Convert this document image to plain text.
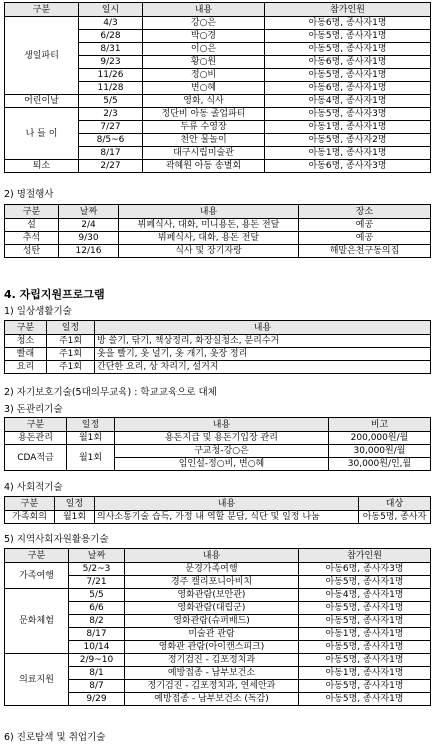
구분	일시	내용	참가인원
생일파티	4/3	강○은	아동6명, 종사자1명
	6/28	박○경	아동5명, 종사자1명
	8/31	이○은	아동5명, 종사자1명
	9/23	황○원	아동6명, 종사자1명
	11/26	정○비	아동5명, 종사자1명
	11/28	변○혜	아동6명, 종사자1명
어린이날	5/5	영화, 식사	아동4명, 종사자1명
나 들 이	2/3	정단비 아동 졸업파티	아동5명, 종사자3명
	7/27	두류 수영장	아동1명, 종사자1명
	8/5~6	천안 물놀이	아동5명, 종사자2명
	8/17	대구시립미술관	아동1명, 종사자1명
퇴소	2/27	곽혜원 아동 송별회	아동6명, 종사자3명
2) 명절행사
구분	날짜	내용	장소
설	2/4	뷔페식사, 대화, 미니용돈, 용돈 전달	예공
추석	9/30	뷔페식사, 대화, 용돈 전달	예공
성탄	12/16	식사 및 장기자랑	해말은천구동의집
4. 자립지원프로그램
1) 일상생활기술
구분	일정	내용
청소	주1회	방 쓸기, 닦기, 책상정리, 화장실청소, 분리수거
빨래	주1회	옷을 빨기, 옷 널기, 옷 개기, 옷장 정리
요리	주1회	간단한 요리, 상 차리기, 설거지
2) 자기보호기술(5대의무교육) : 학교교육으로 대체
3) 돈관리기술
구분	일정	내용	비고
용돈관리	월1회	용돈지급 및 용돈기입장 관리	200,000원/월
CDA적금	월1회	구교청-강○은	30,000원/월
		임인설-정○비, 변○혜	30,000원/인,월
4) 사회적기술
구분	일정	내용	대상
가족회의	월1회	의사소통기술 습득, 가정 내 역할 분담, 식단 및 일정 나눔	아동5명, 종사자
5) 지역사회자원활용기술
구분	날짜	내용	참가인원
가족여행	5/2~3	문경가족여행	아동6명, 종사자3명
	7/21	경주 캘리포니아비치	아동5명, 종사자1명
문화체험	5/5	영화관람(보안관)	아동4명, 종사자1명
	6/6	영화관람(대립군)	아동5명, 종사자1명
	8/2	영화관람(슈퍼배드)	아동5명, 종사자1명
	8/17	미술관 관람	아동1명, 종사자1명
	10/14	영화관 관람(아이캔스피크)	아동5명, 종사자1명
의료지원	2/9~10	정기검진 - 김포정치과	아동5명, 종사자1명
	8/1	예방접종 - 남부보건소	아동1명, 종사자1명
	8/7	정기검진 - 김포정치과, 연세안과	아동5명, 종사자1명
	9/29	예방접종 - 남부보건소 (독감)	아동5명, 종사자1명
6) 진로탐색 및 취업기술
